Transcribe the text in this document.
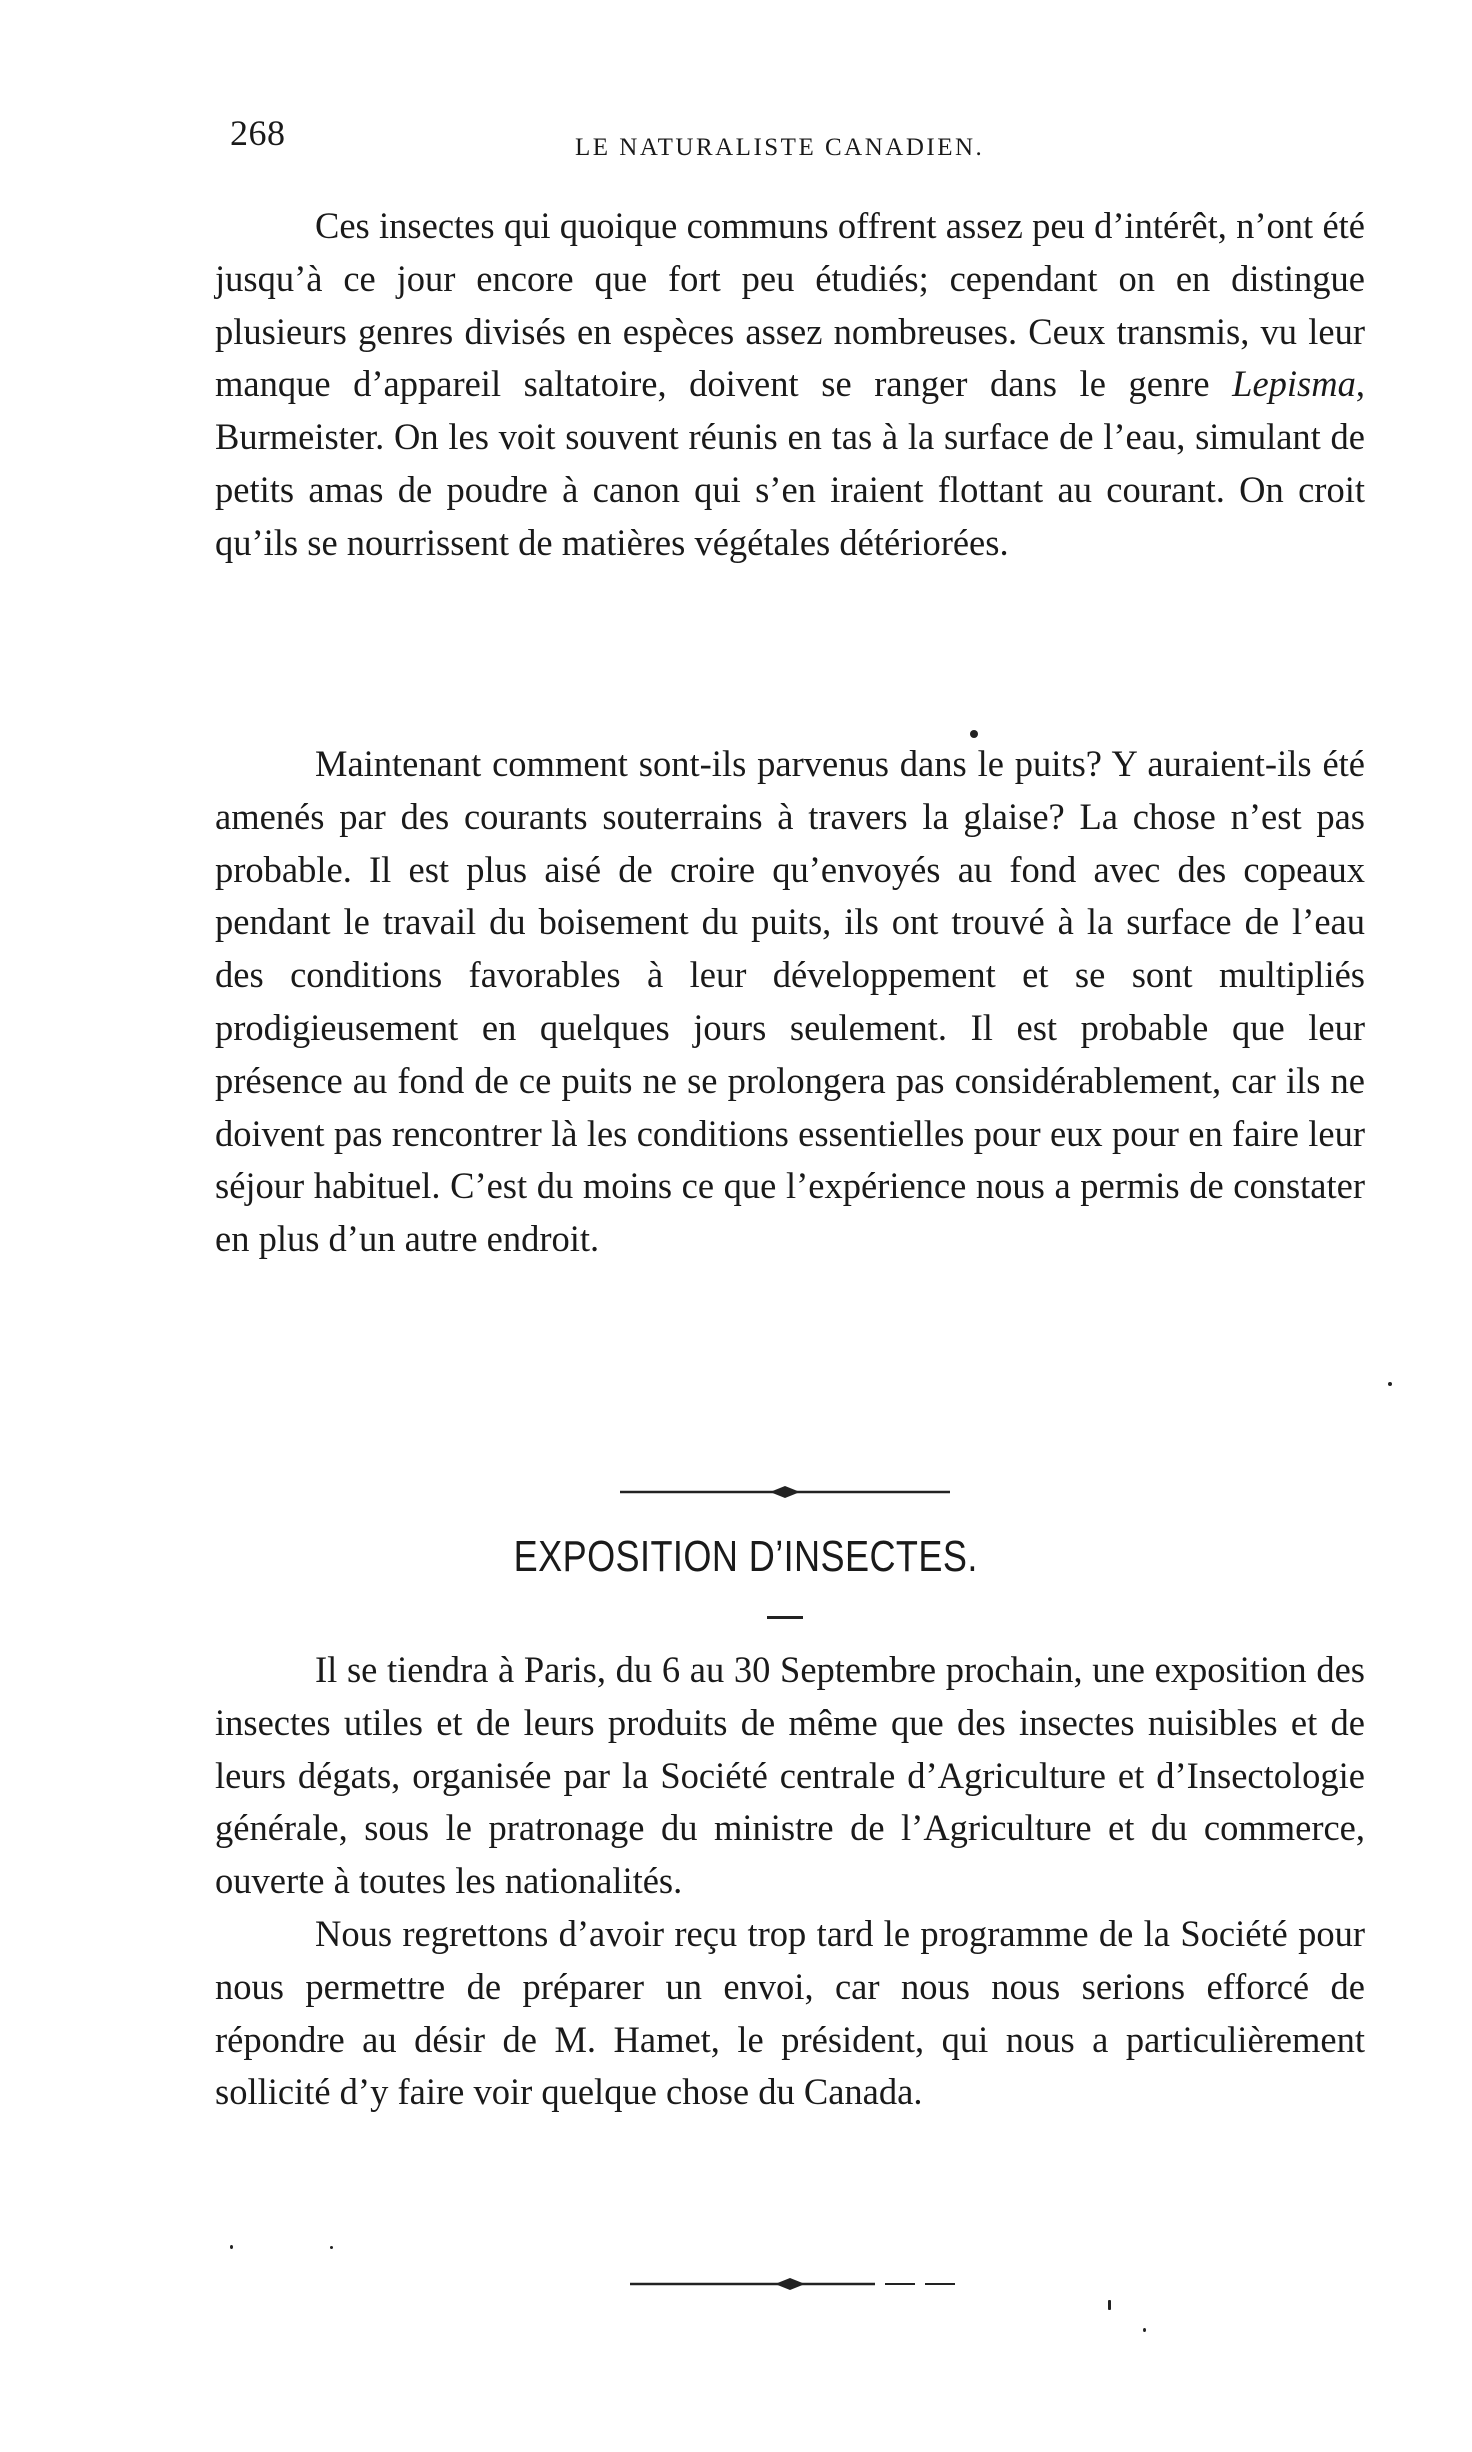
268	LE NATURALISTE CANADIEN.

Ces insectes qui quoique communs offrent assez peu d’intérêt, n’ont été jusqu’à ce jour encore que fort peu étudiés; cependant on en distingue plusieurs genres divisés en espèces assez nombreuses. Ceux transmis, vu leur manque d’appareil saltatoire, doivent se ranger dans le genre Lepisma, Burmeister. On les voit souvent réunis en tas à la surface de l’eau, simulant de petits amas de poudre à canon qui s’en iraient flottant au courant. On croit qu’ils se nourrissent de matières végétales détériorées.

Maintenant comment sont-ils parvenus dans le puits? Y auraient-ils été amenés par des courants souterrains à travers la glaise? La chose n’est pas probable. Il est plus aisé de croire qu’envoyés au fond avec des copeaux pendant le travail du boisement du puits, ils ont trouvé à la surface de l’eau des conditions favorables à leur développement et se sont multipliés prodigieusement en quelques jours seulement. Il est probable que leur présence au fond de ce puits ne se prolongera pas considérablement, car ils ne doivent pas rencontrer là les conditions essentielles pour eux pour en faire leur séjour habituel. C’est du moins ce que l’expérience nous a permis de constater en plus d’un autre endroit.

EXPOSITION D’INSECTES.

Il se tiendra à Paris, du 6 au 30 Septembre prochain, une exposition des insectes utiles et de leurs produits de même que des insectes nuisibles et de leurs dégats, organisée par la Société centrale d’Agriculture et d’Insectologie générale, sous le pratronage du ministre de l’Agriculture et du commerce, ouverte à toutes les nationalités.

Nous regrettons d’avoir reçu trop tard le programme de la Société pour nous permettre de préparer un envoi, car nous nous serions efforcé de répondre au désir de M. Hamet, le président, qui nous a particulièrement sollicité d’y faire voir quelque chose du Canada.
